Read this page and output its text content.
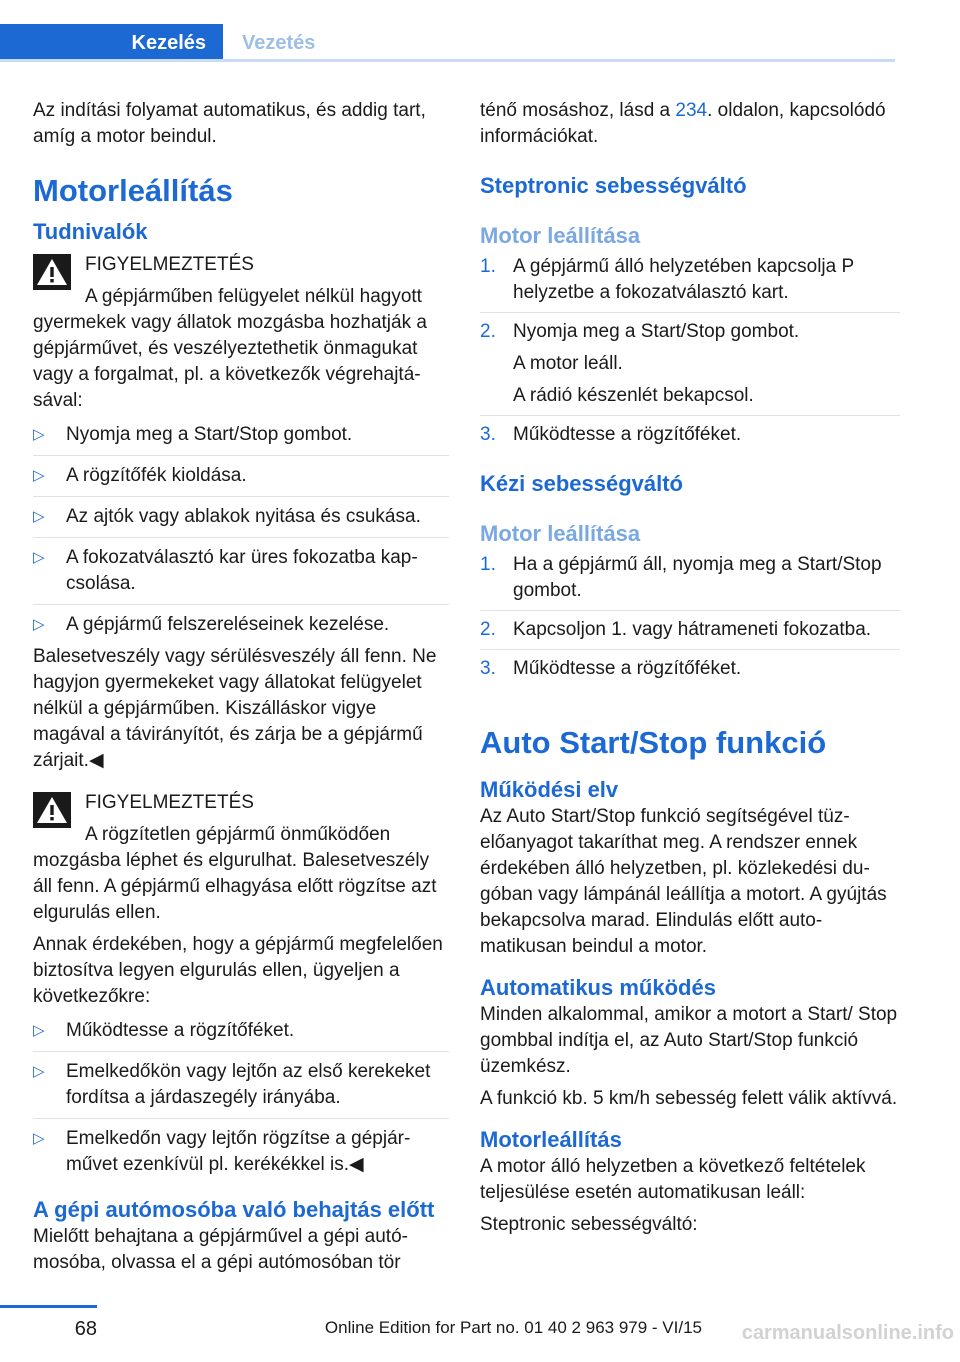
Kezelés	Vezetés

Az indítási folyamat automatikus, és addig tart, amíg a motor beindul.

Motorleállítás
Tudnivalók
FIGYELMEZTETÉS
A gépjárműben felügyelet nélkül hagyott

gyermekek vagy állatok mozgásba hozhatják a gépjárművet, és veszélyeztethetik önmagukat vagy a forgalmat, pl. a következők végrehajtásával:

▷ Nyomja meg a Start/Stop gombot.
▷ A rögzítőfék kioldása.
▷ Az ajtók vagy ablakok nyitása és csukása.
▷ A fokozatválasztó kar üres fokozatba kapcsolása.
▷ A gépjármű felszereléseinek kezelése.

Balesetveszély vagy sérülésveszély áll fenn. Ne hagyjon gyermekeket vagy állatokat felügyelet nélkül a gépjárműben. Kiszálláskor vigye magával a távirányítót, és zárja be a gépjármű zárjait.◀

FIGYELMEZTETÉS
A rögzítetlen gépjármű önműködően

mozgásba léphet és elgurulhat. Balesetveszély áll fenn. A gépjármű elhagyása előtt rögzítse azt elgurulás ellen.

Annak érdekében, hogy a gépjármű megfelelően biztosítva legyen elgurulás ellen, ügyeljen a következőkre:

▷ Működtesse a rögzítőféket.
▷ Emelkedőkön vagy lejtőn az első kerekeket fordítsa a járdaszegély irányába.
▷ Emelkedőn vagy lejtőn rögzítse a gépjárművet ezenkívül pl. kerékékkel is.◀
A gépi autómosóba való behajtás előtt

Mielőtt behajtana a gépjárművel a gépi autómosóba, olvassa el a gépi autómosóban tör

ténő mosáshoz, lásd a 234. oldalon, kapcsolódó információkat.

Steptronic sebességváltó
Motor leállítása
1. A gépjármű álló helyzetében kapcsolja P helyzetbe a fokozatválasztó kart.
2. Nyomja meg a Start/Stop gombot.
A motor leáll.
A rádió készenlét bekapcsol.
3. Működtesse a rögzítőféket.
Kézi sebességváltó
Motor leállítása
1. Ha a gépjármű áll, nyomja meg a Start/Stop gombot.
2. Kapcsoljon 1. vagy hátrameneti fokozatba.
3. Működtesse a rögzítőféket.
Auto Start/Stop funkció
Működési elv

Az Auto Start/Stop funkció segítségével tüzelőanyagot takaríthat meg. A rendszer ennek érdekében álló helyzetben, pl. közlekedési dugóban vagy lámpánál leállítja a motort. A gyújtás bekapcsolva marad. Elindulás előtt automatikusan beindul a motor.

Automatikus működés

Minden alkalommal, amikor a motort a Start/ Stop gombbal indítja el, az Auto Start/Stop funkció üzemkész.

A funkció kb. 5 km/h sebesség felett válik aktívvá.

Motorleállítás

A motor álló helyzetben a következő feltételek teljesülése esetén automatikusan leáll:

Steptronic sebességváltó:

68	Online Edition for Part no. 01 40 2 963 979 - VI/15 carmanualsonline.info
